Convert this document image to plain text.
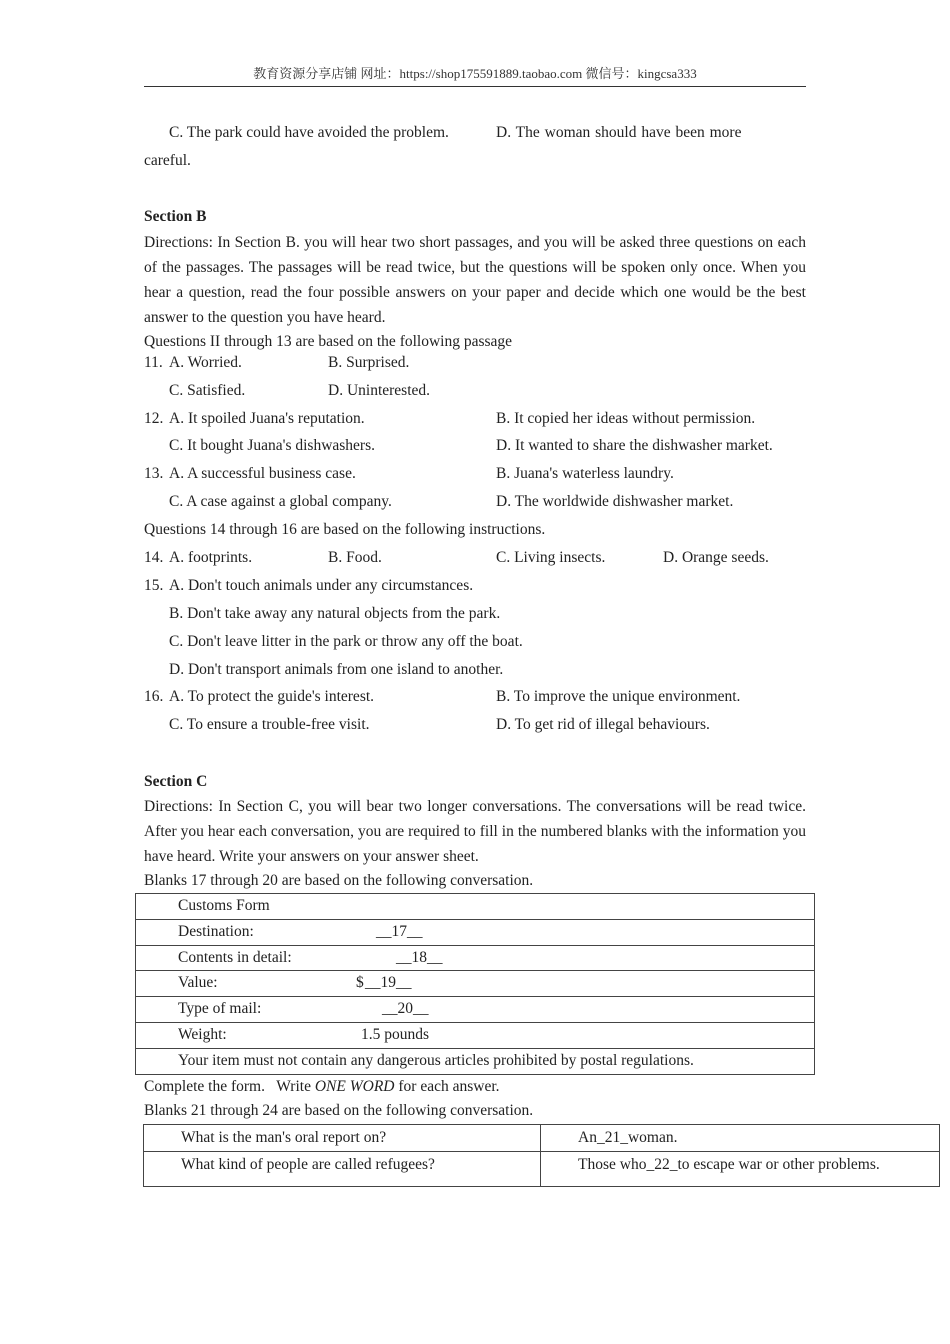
教育资源分享店铺 网址：https://shop175591889.taobao.com 微信号：kingcsa333
C. The park could have avoided the problem.	D. The woman should have been more
careful.
Section B
Directions: In Section B. you will hear two short passages, and you will be asked three questions on each of the passages. The passages will be read twice, but the questions will be spoken only once. When you hear a question, read the four possible answers on your paper and decide which one would be the best answer to the question you have heard.
Questions II through 13 are based on the following passage
11. A. Worried.	B. Surprised.
C. Satisfied.	D. Uninterested.
12. A. It spoiled Juana's reputation.	B. It copied her ideas without permission.
C. It bought Juana's dishwashers.	D. It wanted to share the dishwasher market.
13. A. A successful business case.	B. Juana's waterless laundry.
C. A case against a global company.	D. The worldwide dishwasher market.
Questions 14 through 16 are based on the following instructions.
14. A. footprints.	B. Food.	C. Living insects.	D. Orange seeds.
15. A. Don't touch animals under any circumstances.
B. Don't take away any natural objects from the park.
C. Don't leave litter in the park or throw any off the boat.
D. Don't transport animals from one island to another.
16. A. To protect the guide's interest.	B. To improve the unique environment.
C. To ensure a trouble-free visit.	D. To get rid of illegal behaviours.
Section C
Directions: In Section C, you will bear two longer conversations. The conversations will be read twice. After you hear each conversation, you are required to fill in the numbered blanks with the information you have heard. Write your answers on your answer sheet.
Blanks 17 through 20 are based on the following conversation.
Customs Form

Destination:	__17__

Contents in detail:	__18__

Value:	$ __19__

Type of mail:	__20__

Weight:	1.5 pounds

Your item must not contain any dangerous articles prohibited by postal regulations.
Complete the form.   Write ONE WORD for each answer.
Blanks 21 through 24 are based on the following conversation.
What is the man's oral report on?	An_21_woman.

What kind of people are called refugees?	Those who_22_to escape war or other problems.
